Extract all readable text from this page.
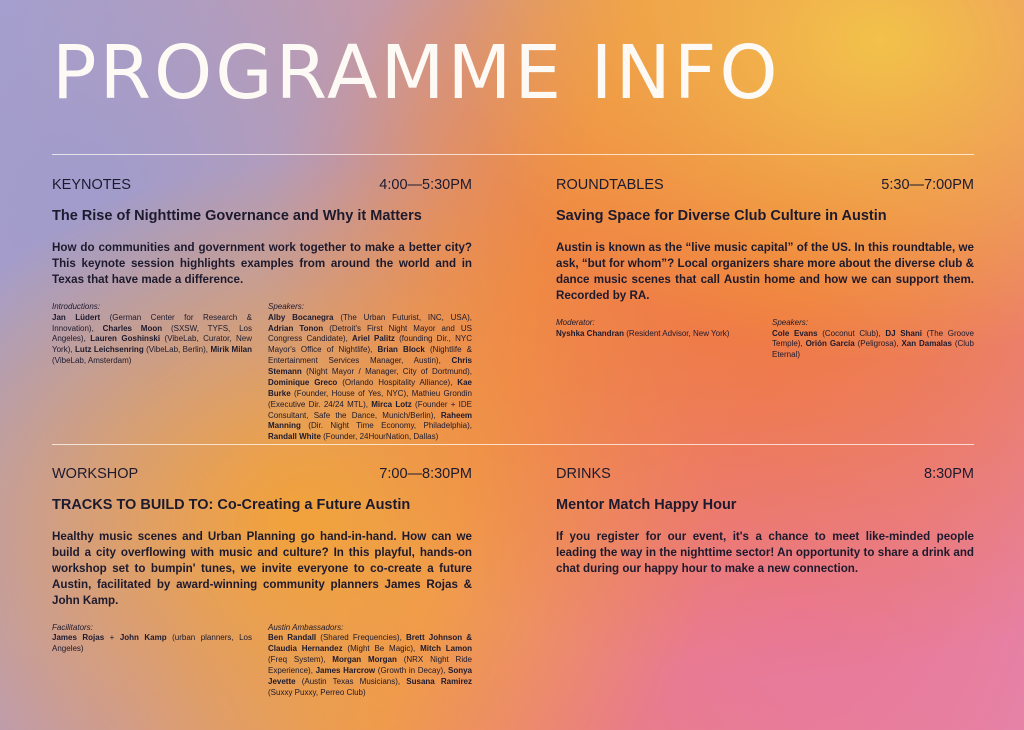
PROGRAMME INFO
KEYNOTES	4:00—5:30PM
The Rise of Nighttime Governance and Why it Matters
How do communities and government work together to make a better city? This keynote session highlights examples from around the world and in Texas that have made a difference.
Introductions:
Jan Lüdert (German Center for Research & Innovation), Charles Moon (SXSW, TYFS, Los Angeles), Lauren Goshinski (VibeLab, Curator, New York), Lutz Leichsenring (VibeLab, Berlin), Mirik Milan (VibeLab, Amsterdam)
Speakers:
Alby Bocanegra (The Urban Futurist, INC, USA), Adrian Tonon (Detroit's First Night Mayor and US Congress Candidate), Ariel Palitz (founding Dir., NYC Mayor's Office of Nightlife), Brian Block (Nightlife & Entertainment Services Manager, Austin), Chris Stemann (Night Mayor / Manager, City of Dortmund), Dominique Greco (Orlando Hospitality Alliance), Kae Burke (Founder, House of Yes, NYC), Mathieu Grondin (Executive Dir. 24/24 MTL), Mirca Lotz (Founder + IDE Consultant, Safe the Dance, Munich/Berlin), Raheem Manning (Dir. Night Time Economy, Philadelphia), Randall White (Founder, 24HourNation, Dallas)
ROUNDTABLES	5:30—7:00PM
Saving Space for Diverse Club Culture in Austin
Austin is known as the “live music capital” of the US. In this roundtable, we ask, “but for whom”? Local organizers share more about the diverse club & dance music scenes that call Austin home and how we can support them. Recorded by RA.
Moderator:
Nyshka Chandran (Resident Advisor, New York)
Speakers:
Cole Evans (Coconut Club), DJ Shani (The Groove Temple), Orión García (Peligrosa), Xan Damalas (Club Eternal)
WORKSHOP	7:00—8:30PM
TRACKS TO BUILD TO: Co-Creating a Future Austin
Healthy music scenes and Urban Planning go hand-in-hand. How can we build a city overflowing with music and culture? In this playful, hands-on workshop set to bumpin' tunes, we invite everyone to co-create a future Austin, facilitated by award-winning community planners James Rojas & John Kamp.
Facilitators:
James Rojas + John Kamp (urban planners, Los Angeles)
Austin Ambassadors:
Ben Randall (Shared Frequencies), Brett Johnson & Claudia Hernandez (Might Be Magic), Mitch Lamon (Freq System), Morgan Morgan (NRX Night Ride Experience), James Harcrow (Growth in Decay), Sonya Jevette (Austin Texas Musicians), Susana Ramirez (Suxxy Puxxy, Perreo Club)
DRINKS	8:30PM
Mentor Match Happy Hour
If you register for our event, it's a chance to meet like-minded people leading the way in the nighttime sector! An opportunity to share a drink and chat during our happy hour to make a new connection.
